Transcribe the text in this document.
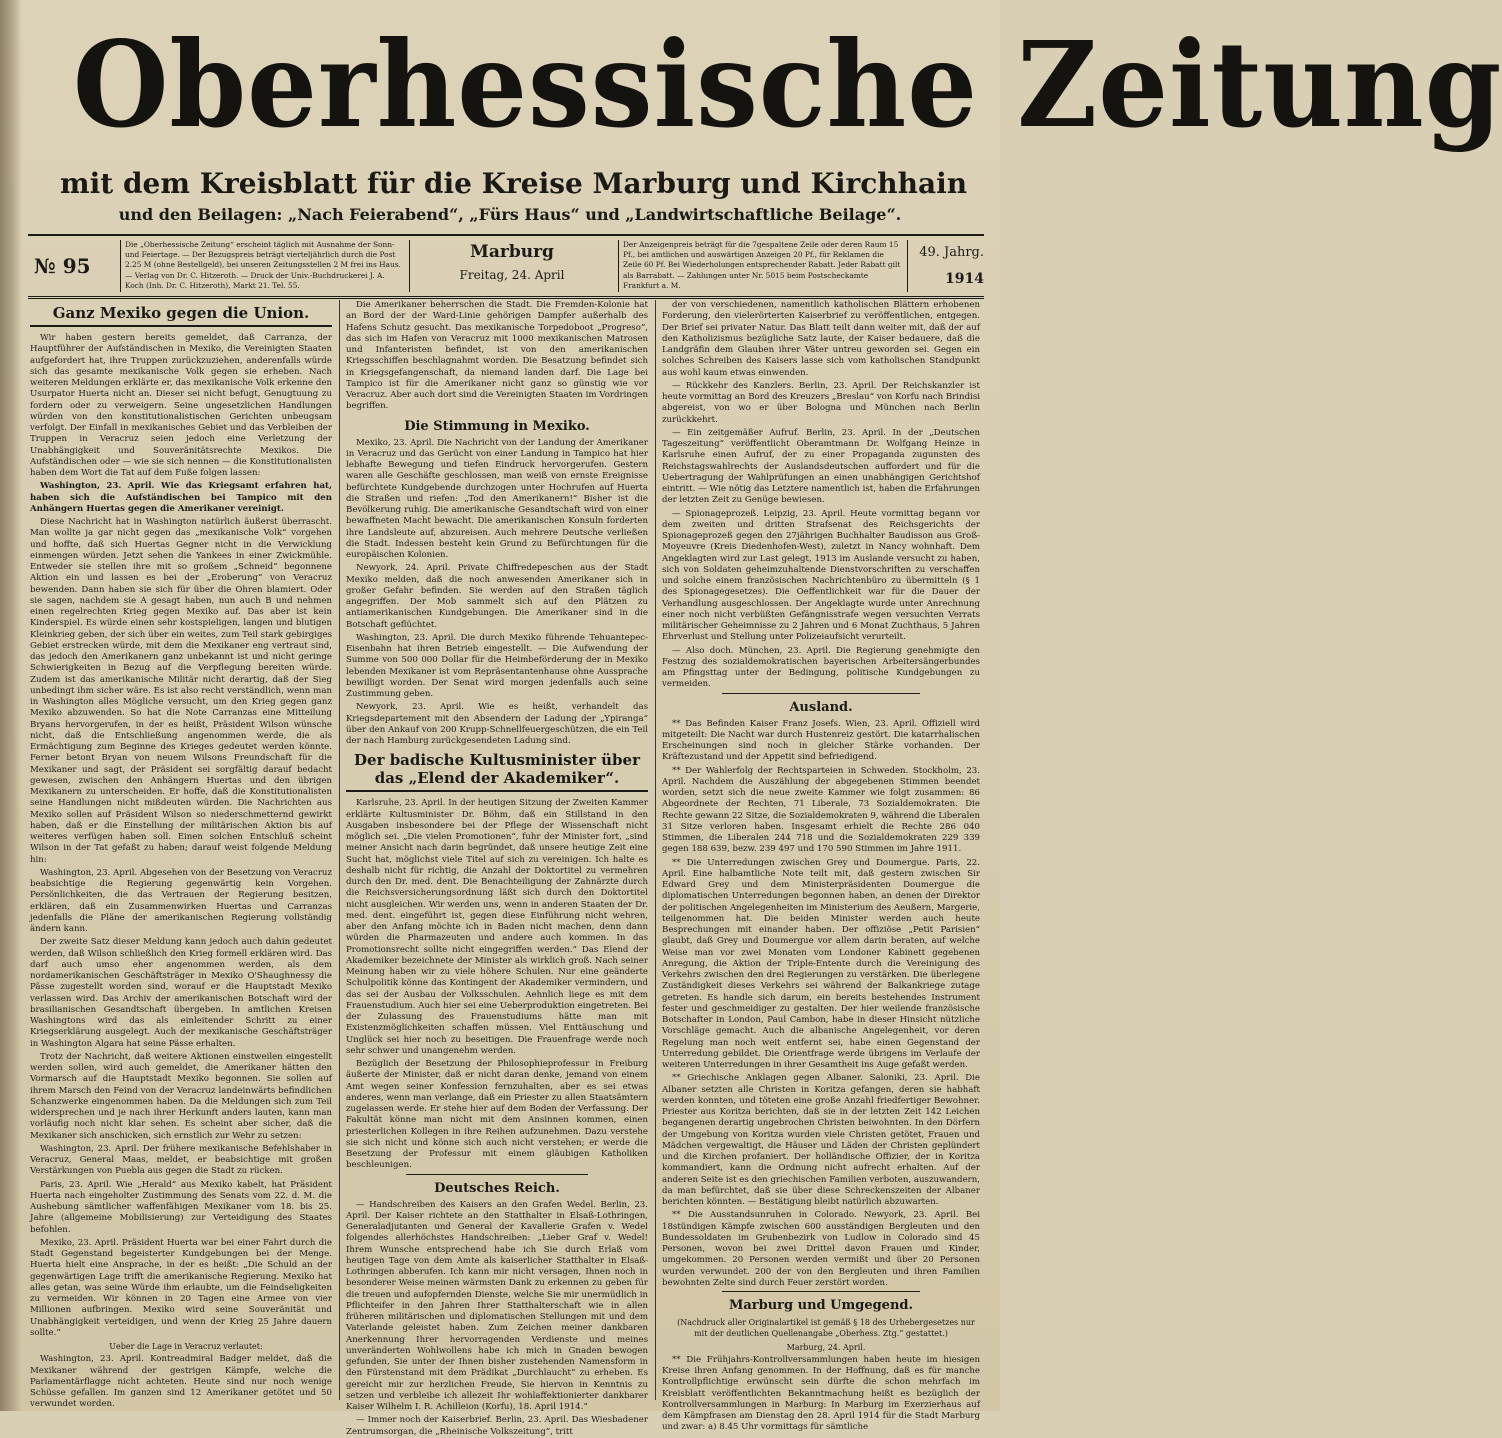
Oberhessische Zeitung
mit dem Kreisblatt für die Kreise Marburg und Kirchhain
und den Beilagen: „Nach Feierabend“, „Fürs Haus“ und „Landwirtschaftliche Beilage“.
№ 95
Die „Oberhessische Zeitung“ erscheint täglich mit Ausnahme der Sonn- und Feiertage. — Der Bezugspreis beträgt vierteljährlich durch die Post 2.25 M (ohne Bestellgeld), bei unseren Zeitungsstellen 2 M frei ins Haus. — Verlag von Dr. C. Hitzeroth. — Druck der Univ.-Buchdruckerei J. A. Koch (Inh. Dr. C. Hitzeroth), Markt 21. Tel. 55.
Marburg
Freitag, 24. April
Der Anzeigenpreis beträgt für die 7gespaltene Zeile oder deren Raum 15 Pf., bei amtlichen und auswärtigen Anzeigen 20 Pf., für Reklamen die Zeile 60 Pf. Bei Wiederholungen entsprechender Rabatt. Jeder Rabatt gilt als Barrabatt. — Zahlungen unter Nr. 5015 beim Postscheckamte Frankfurt a. M.
49. Jahrg.
1914
Ganz Mexiko gegen die Union.

Wir haben gestern bereits gemeldet, daß Carranza, der Hauptführer der Aufständischen in Mexiko, die Vereinigten Staaten aufgefordert hat, ihre Truppen zurückzuziehen, anderenfalls würde sich das gesamte mexikanische Volk gegen sie erheben. Nach weiteren Meldungen erklärte er, das mexikanische Volk erkenne den Usurpator Huerta nicht an. Dieser sei nicht befugt, Genugtuung zu fordern oder zu verweigern. Seine ungesetzlichen Handlungen würden von den konstitutionalistischen Gerichten unbeugsam verfolgt. Der Einfall in mexikanisches Gebiet und das Verbleiben der Truppen in Veracruz seien jedoch eine Verletzung der Unabhängigkeit und Souveränitätsrechte Mexikos. Die Aufständischen oder — wie sie sich nennen — die Konstitutionalisten haben dem Wort die Tat auf dem Fuße folgen lassen:

Washington, 23. April. Wie das Kriegsamt erfahren hat, haben sich die Aufständischen bei Tampico mit den Anhängern Huertas gegen die Amerikaner vereinigt.

Diese Nachricht hat in Washington natürlich äußerst überrascht. Man wollte ja gar nicht gegen das „mexikanische Volk“ vorgehen und hoffte, daß sich Huertas Gegner nicht in die Verwicklung einmengen würden. Jetzt sehen die Yankees in einer Zwickmühle. Entweder sie stellen ihre mit so großem „Schneid“ begonnene Aktion ein und lassen es bei der „Eroberung“ von Veracruz bewenden. Dann haben sie sich für über die Ohren blamiert. Oder sie sagen, nachdem sie A gesagt haben, nun auch B und nehmen einen regelrechten Krieg gegen Mexiko auf. Das aber ist kein Kinderspiel. Es würde einen sehr kostspieligen, langen und blutigen Kleinkrieg geben, der sich über ein weites, zum Teil stark gebirgiges Gebiet erstrecken würde, mit dem die Mexikaner eng vertraut sind, das jedoch den Amerikanern ganz unbekannt ist und nicht geringe Schwierigkeiten in Bezug auf die Verpflegung bereiten würde. Zudem ist das amerikanische Militär nicht derartig, daß der Sieg unbedingt ihm sicher wäre. Es ist also recht verständlich, wenn man in Washington alles Mögliche versucht, um den Krieg gegen ganz Mexiko abzuwenden. So hat die Note Carranzas eine Mitteilung Bryans hervorgerufen, in der es heißt, Präsident Wilson wünsche nicht, daß die Entschließung angenommen werde, die als Ermächtigung zum Beginne des Krieges gedeutet werden könnte. Ferner betont Bryan von neuem Wilsons Freundschaft für die Mexikaner und sagt, der Präsident sei sorgfältig darauf bedacht gewesen, zwischen den Anhängern Huertas und den übrigen Mexikanern zu unterscheiden. Er hoffe, daß die Konstitutionalisten seine Handlungen nicht mißdeuten würden. Die Nachrichten aus Mexiko sollen auf Präsident Wilson so niederschmetternd gewirkt haben, daß er die Einstellung der militärischen Aktion bis auf weiteres verfügen haben soll. Einen solchen Entschluß scheint Wilson in der Tat gefaßt zu haben; darauf weist folgende Meldung hin:

Washington, 23. April. Abgesehen von der Besetzung von Veracruz beabsichtige die Regierung gegenwärtig kein Vorgehen. Persönlichkeiten, die das Vertrauen der Regierung besitzen, erklären, daß ein Zusammenwirken Huertas und Carranzas jedenfalls die Pläne der amerikanischen Regierung vollständig ändern kann.

Der zweite Satz dieser Meldung kann jedoch auch dahin gedeutet werden, daß Wilson schließlich den Krieg formell erklären wird. Das darf auch umso eher angenommen werden, als dem nordamerikanischen Geschäftsträger in Mexiko O'Shaughnessy die Pässe zugestellt worden sind, worauf er die Hauptstadt Mexiko verlassen wird. Das Archiv der amerikanischen Botschaft wird der brasilianischen Gesandtschaft übergeben. In amtlichen Kreisen Washingtons wird das als einleitender Schritt zu einer Kriegserklärung ausgelegt. Auch der mexikanische Geschäftsträger in Washington Algara hat seine Pässe erhalten.

Trotz der Nachricht, daß weitere Aktionen einstweilen eingestellt werden sollen, wird auch gemeldet, die Amerikaner hätten den Vormarsch auf die Hauptstadt Mexiko begonnen. Sie sollen auf ihrem Marsch den Feind von der Veracruz landeinwärts befindlichen Schanzwerke eingenommen haben. Da die Meldungen sich zum Teil widersprechen und je nach ihrer Herkunft anders lauten, kann man vorläufig noch nicht klar sehen. Es scheint aber sicher, daß die Mexikaner sich anschicken, sich ernstlich zur Wehr zu setzen:

Washington, 23. April. Der frühere mexikanische Befehlshaber in Veracruz, General Maas, meldet, er beabsichtige mit großen Verstärkungen von Puebla aus gegen die Stadt zu rücken.

Paris, 23. April. Wie „Herald“ aus Mexiko kabelt, hat Präsident Huerta nach eingeholter Zustimmung des Senats vom 22. d. M. die Aushebung sämtlicher waffenfähigen Mexikaner vom 18. bis 25. Jahre (allgemeine Mobilisierung) zur Verteidigung des Staates befohlen.

Mexiko, 23. April. Präsident Huerta war bei einer Fahrt durch die Stadt Gegenstand begeisterter Kundgebungen bei der Menge. Huerta hielt eine Ansprache, in der es heißt: „Die Schuld an der gegenwärtigen Lage trifft die amerikanische Regierung. Mexiko hat alles getan, was seine Würde ihm erlaubte, um die Feindseligkeiten zu vermeiden. Wir können in 20 Tagen eine Armee von vier Millionen aufbringen. Mexiko wird seine Souveränität und Unabhängigkeit verteidigen, und wenn der Krieg 25 Jahre dauern sollte.“

Ueber die Lage in Veracruz verlautet:

Washington, 23. April. Kontreadmiral Badger meldet, daß die Mexikaner während der gestrigen Kämpfe, welche die Parlamentärflagge nicht achteten. Heute sind nur noch wenige Schüsse gefallen. Im ganzen sind 12 Amerikaner getötet und 50 verwundet worden.

Die Amerikaner beherrschen die Stadt. Die Fremden-Kolonie hat an Bord der der Ward-Linie gehörigen Dampfer außerhalb des Hafens Schutz gesucht. Das mexikanische Torpedoboot „Progreso“, das sich im Hafen von Veracruz mit 1000 mexikanischen Matrosen und Infanteristen befindet, ist von den amerikanischen Kriegsschiffen beschlagnahmt worden. Die Besatzung befindet sich in Kriegsgefangenschaft, da niemand landen darf. Die Lage bei Tampico ist für die Amerikaner nicht ganz so günstig wie vor Veracruz. Aber auch dort sind die Vereinigten Staaten im Vordringen begriffen.

Die Stimmung in Mexiko.

Mexiko, 23. April. Die Nachricht von der Landung der Amerikaner in Veracruz und das Gerücht von einer Landung in Tampico hat hier lebhafte Bewegung und tiefen Eindruck hervorgerufen. Gestern waren alle Geschäfte geschlossen, man weiß von ernste Ereignisse befürchtete Kundgebende durchzogen unter Hochrufen auf Huerta die Straßen und riefen: „Tod den Amerikanern!“ Bisher ist die Bevölkerung ruhig. Die amerikanische Gesandtschaft wird von einer bewaffneten Macht bewacht. Die amerikanischen Konsuln forderten ihre Landsleute auf, abzureisen. Auch mehrere Deutsche verließen die Stadt. Indessen besteht kein Grund zu Befürchtungen für die europäischen Kolonien.

Newyork, 24. April. Private Chiffredepeschen aus der Stadt Mexiko melden, daß die noch anwesenden Amerikaner sich in großer Gefahr befinden. Sie werden auf den Straßen täglich angegriffen. Der Mob sammelt sich auf den Plätzen zu antiamerikanischen Kundgebungen. Die Amerikaner sind in die Botschaft geflüchtet.

Washington, 23. April. Die durch Mexiko führende Tehuantepec-Eisenbahn hat ihren Betrieb eingestellt. — Die Aufwendung der Summe von 500 000 Dollar für die Heimbeförderung der in Mexiko lebenden Mexikaner ist vom Repräsentantenhause ohne Aussprache bewilligt worden. Der Senat wird morgen jedenfalls auch seine Zustimmung geben.

Newyork, 23. April. Wie es heißt, verhandelt das Kriegsdepartement mit den Absendern der Ladung der „Ypiranga“ über den Ankauf von 200 Krupp-Schnellfeuergeschützen, die ein Teil der nach Hamburg zurückgesendeten Ladung sind.

Der badische Kultusminister über das „Elend der Akademiker“.

Karlsruhe, 23. April. In der heutigen Sitzung der Zweiten Kammer erklärte Kultusminister Dr. Böhm, daß ein Stillstand in den Ausgaben insbesondere bei der Pflege der Wissenschaft nicht möglich sei. „Die vielen Promotionen“, fuhr der Minister fort, „sind meiner Ansicht nach darin begründet, daß unsere heutige Zeit eine Sucht hat, möglichst viele Titel auf sich zu vereinigen. Ich halte es deshalb nicht für richtig, die Anzahl der Doktortitel zu vermehren durch den Dr. med. dent. Die Benachteiligung der Zahnärzte durch die Reichsversicherungsordnung läßt sich durch den Doktortitel nicht ausgleichen. Wir werden uns, wenn in anderen Staaten der Dr. med. dent. eingeführt ist, gegen diese Einführung nicht wehren, aber den Anfang möchte ich in Baden nicht machen, denn dann würden die Pharmazeuten und andere auch kommen. In das Promotionsrecht sollte nicht eingegriffen werden.“ Das Elend der Akademiker bezeichnete der Minister als wirklich groß. Nach seiner Meinung haben wir zu viele höhere Schulen. Nur eine geänderte Schulpolitik könne das Kontingent der Akademiker vermindern, und das sei der Ausbau der Volksschulen. Aehnlich liege es mit dem Frauenstudium. Auch hier sei eine Ueberproduktion eingetreten. Bei der Zulassung des Frauenstudiums hätte man mit Existenzmöglichkeiten schaffen müssen. Viel Enttäuschung und Unglück sei hier noch zu beseitigen. Die Frauenfrage werde noch sehr schwer und unangenehm werden.

Bezüglich der Besetzung der Philosophieprofessur in Freiburg äußerte der Minister, daß er nicht daran denke, jemand von einem Amt wegen seiner Konfession fernzuhalten, aber es sei etwas anderes, wenn man verlange, daß ein Priester zu allen Staatsämtern zugelassen werde. Er stehe hier auf dem Boden der Verfassung. Der Fakultät könne man nicht mit dem Ansinnen kommen, einen priesterlichen Kollegen in ihre Reihen aufzunehmen. Dazu verstehe sie sich nicht und könne sich auch nicht verstehen; er werde die Besetzung der Professur mit einem gläubigen Katholiken beschleunigen.

Deutsches Reich.

— Handschreiben des Kaisers an den Grafen Wedel. Berlin, 23. April. Der Kaiser richtete an den Statthalter in Elsaß-Lothringen, Generaladjutanten und General der Kavallerie Grafen v. Wedel folgendes allerhöchstes Handschreiben: „Lieber Graf v. Wedel! Ihrem Wunsche entsprechend habe ich Sie durch Erlaß vom heutigen Tage von dem Amte als kaiserlicher Statthalter in Elsaß-Lothringen abberufen. Ich kann mir nicht versagen, Ihnen noch in besonderer Weise meinen wärmsten Dank zu erkennen zu geben für die treuen und aufopfernden Dienste, welche Sie mir unermüdlich in Pflichteifer in den Jahren Ihrer Statthalterschaft wie in allen früheren militärischen und diplomatischen Stellungen mit und dem Vaterlande geleistet haben. Zum Zeichen meiner dankbaren Anerkennung Ihrer hervorragenden Verdienste und meines unveränderten Wohlwollens habe ich mich in Gnaden bewogen gefunden, Sie unter der Ihnen bisher zustehenden Namensform in den Fürstenstand mit dem Prädikat „Durchlaucht“ zu erheben. Es gereicht mir zur herzlichen Freude, Sie hiervon in Kenntnis zu setzen und verbleibe ich allezeit Ihr wohlaffektionierter dankbarer Kaiser Wilhelm I. R. Achilleion (Korfu), 18. April 1914.“

— Immer noch der Kaiserbrief. Berlin, 23. April. Das Wiesbadener Zentrumsorgan, die „Rheinische Volkszeitung“, tritt

der von verschiedenen, namentlich katholischen Blättern erhobenen Forderung, den vielerörterten Kaiserbrief zu veröffentlichen, entgegen. Der Brief sei privater Natur. Das Blatt teilt dann weiter mit, daß der auf den Katholizismus bezügliche Satz laute, der Kaiser bedauere, daß die Landgräfin dem Glauben ihrer Väter untreu geworden sei. Gegen ein solches Schreiben des Kaisers lasse sich vom katholischen Standpunkt aus wohl kaum etwas einwenden.

— Rückkehr des Kanzlers. Berlin, 23. April. Der Reichskanzler ist heute vormittag an Bord des Kreuzers „Breslau“ von Korfu nach Brindisi abgereist, von wo er über Bologna und München nach Berlin zurückkehrt.

— Ein zeitgemäßer Aufruf. Berlin, 23. April. In der „Deutschen Tageszeitung“ veröffentlicht Oberamtmann Dr. Wolfgang Heinze in Karlsruhe einen Aufruf, der zu einer Propaganda zugunsten des Reichstagswahlrechts der Auslandsdeutschen auffordert und für die Uebertragung der Wahlprüfungen an einen unabhängigen Gerichtshof eintritt. — Wie nötig das Letztere namentlich ist, haben die Erfahrungen der letzten Zeit zu Genüge bewiesen.

— Spionageprozeß. Leipzig, 23. April. Heute vormittag begann vor dem zweiten und dritten Strafsenat des Reichsgerichts der Spionageprozeß gegen den 27jährigen Buchhalter Baudisson aus Groß-Moyeuvre (Kreis Diedenhofen-West), zuletzt in Nancy wohnhaft. Dem Angeklagten wird zur Last gelegt, 1913 im Auslande versucht zu haben, sich von Soldaten geheimzuhaltende Dienstvorschriften zu verschaffen und solche einem französischen Nachrichtenbüro zu übermitteln (§ 1 des Spionagegesetzes). Die Oeffentlichkeit war für die Dauer der Verhandlung ausgeschlossen. Der Angeklagte wurde unter Anrechnung einer noch nicht verbüßten Gefängnisstrafe wegen versuchten Verrats militärischer Geheimnisse zu 2 Jahren und 6 Monat Zuchthaus, 5 Jahren Ehrverlust und Stellung unter Polizeiaufsicht verurteilt.

— Also doch. München, 23. April. Die Regierung genehmigte den Festzug des sozialdemokratischen bayerischen Arbeitersängerbundes am Pfingsttag unter der Bedingung, politische Kundgebungen zu vermeiden.

Ausland.

** Das Befinden Kaiser Franz Josefs. Wien, 23. April. Offiziell wird mitgeteilt: Die Nacht war durch Hustenreiz gestört. Die katarrhalischen Erscheinungen sind noch in gleicher Stärke vorhanden. Der Kräftezustand und der Appetit sind befriedigend.

** Der Wahlerfolg der Rechtsparteien in Schweden. Stockholm, 23. April. Nachdem die Auszählung der abgegebenen Stimmen beendet worden, setzt sich die neue zweite Kammer wie folgt zusammen: 86 Abgeordnete der Rechten, 71 Liberale, 73 Sozialdemokraten. Die Rechte gewann 22 Sitze, die Sozialdemokraten 9, während die Liberalen 31 Sitze verloren haben. Insgesamt erhielt die Rechte 286 040 Stimmen, die Liberalen 244 718 und die Sozialdemokraten 229 339 gegen 188 639, bezw. 239 497 und 170 590 Stimmen im Jahre 1911.

** Die Unterredungen zwischen Grey und Doumergue. Paris, 22. April. Eine halbamtliche Note teilt mit, daß gestern zwischen Sir Edward Grey und dem Ministerpräsidenten Doumergue die diplomatischen Unterredungen begonnen haben, an denen der Direktor der politischen Angelegenheiten im Ministerium des Aeußern, Margerie, teilgenommen hat. Die beiden Minister werden auch heute Besprechungen mit einander haben. Der offiziöse „Petit Parisien“ glaubt, daß Grey und Doumergue vor allem darin beraten, auf welche Weise man vor zwei Monaten vom Londoner Kabinett gegebenen Anregung, die Aktion der Triple-Entente durch die Vereinigung des Verkehrs zwischen den drei Regierungen zu verstärken. Die überlegene Zuständigkeit dieses Verkehrs sei während der Balkankriege zutage getreten. Es handle sich darum, ein bereits bestehendes Instrument fester und geschmeidiger zu gestalten. Der hier weilende französische Botschafter in London, Paul Cambon, habe in dieser Hinsicht nützliche Vorschläge gemacht. Auch die albanische Angelegenheit, vor deren Regelung man noch weit entfernt sei, habe einen Gegenstand der Unterredung gebildet. Die Orientfrage werde übrigens im Verlaufe der weiteren Unterredungen in ihrer Gesamtheit ins Auge gefaßt werden.

** Griechische Anklagen gegen Albaner. Saloniki, 23. April. Die Albaner setzten alle Christen in Koritza gefangen, deren sie habhaft werden konnten, und töteten eine große Anzahl friedfertiger Bewohner. Priester aus Koritza berichten, daß sie in der letzten Zeit 142 Leichen begangenen derartig ungebrochen Christen beiwohnten. In den Dörfern der Umgebung von Koritza wurden viele Christen getötet, Frauen und Mädchen vergewaltigt, die Häuser und Läden der Christen geplündert und die Kirchen profaniert. Der holländische Offizier, der in Koritza kommandiert, kann die Ordnung nicht aufrecht erhalten. Auf der anderen Seite ist es den griechischen Familien verboten, auszuwandern, da man befürchtet, daß sie über diese Schreckenszeiten der Albaner berichten könnten. — Bestätigung bleibt natürlich abzuwarten.

** Die Ausstandsunruhen in Colorado. Newyork, 23. April. Bei 18stündigen Kämpfe zwischen 600 ausständigen Bergleuten und den Bundessoldaten im Grubenbezirk von Ludlow in Colorado sind 45 Personen, wovon bei zwei Drittel davon Frauen und Kinder, umgekommen. 20 Personen werden vermißt und über 20 Personen wurden verwundet. 200 der von den Bergleuten und ihren Familien bewohnten Zelte sind durch Feuer zerstört worden.

Marburg und Umgegend.

(Nachdruck aller Originalartikel ist gemäß § 18 des Urhebergesetzes nur mit der deutlichen Quellenangabe „Oberhess. Ztg.“ gestattet.)

Marburg, 24. April.

** Die Frühjahrs-Kontrollversammlungen haben heute im hiesigen Kreise ihren Anfang genommen. In der Hoffnung, daß es für manche Kontrollpflichtige erwünscht sein dürfte die schon mehrfach im Kreisblatt veröffentlichten Bekanntmachung heißt es bezüglich der Kontrollversammlungen in Marburg: In Marburg im Exerzierhaus auf dem Kämpfrasen am Dienstag den 28. April 1914 für die Stadt Marburg und zwar: a) 8.45 Uhr vormittags für sämtliche
